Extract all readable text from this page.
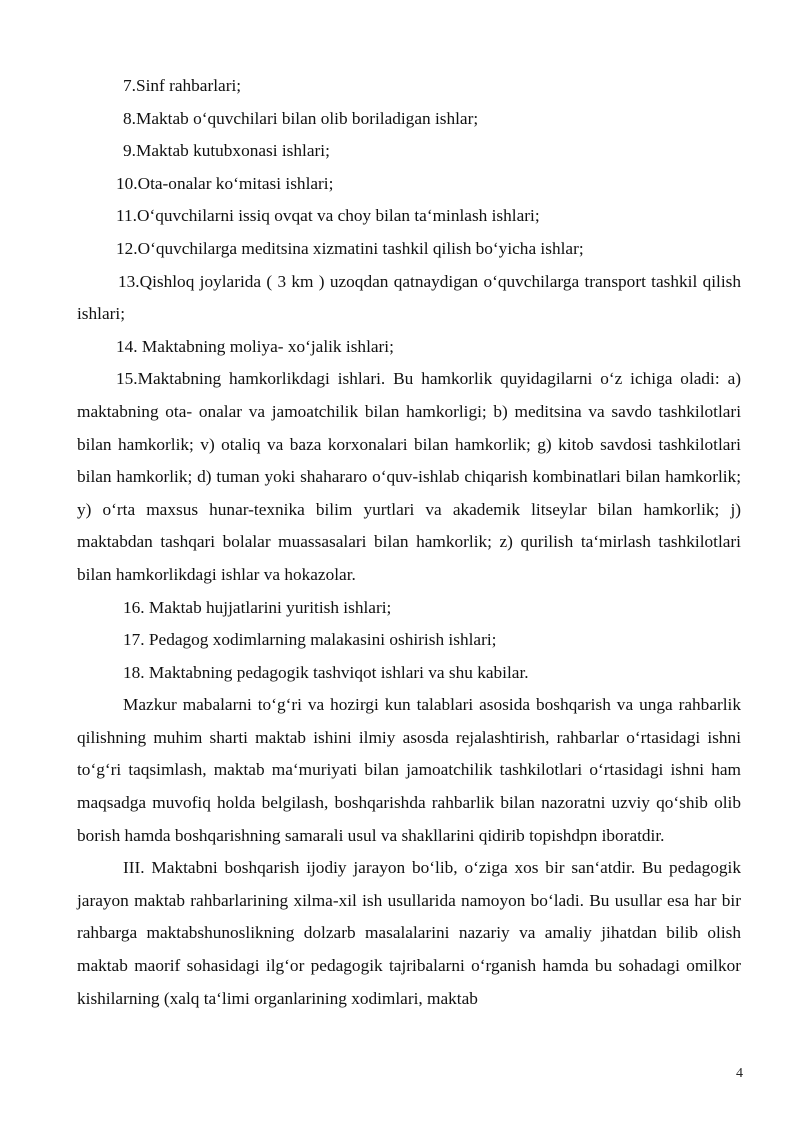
7.Sinf rahbarlari;

8.Maktab o‘quvchilari bilan olib boriladigan ishlar;

9.Maktab kutubxonasi ishlari;

10.Ota-onalar ko‘mitasi ishlari;

11.O‘quvchilarni issiq ovqat va choy bilan ta‘minlash ishlari;

12.O‘quvchilarga meditsina xizmatini tashkil qilish bo‘yicha ishlar;

13.Qishloq joylarida ( 3 km ) uzoqdan qatnaydigan o‘quvchilarga transport tashkil qilish ishlari;

14. Maktabning moliya- xo‘jalik ishlari;

15.Maktabning hamkorlikdagi ishlari. Bu hamkorlik quyidagilarni o‘z ichiga oladi: a) maktabning ota- onalar va jamoatchilik bilan hamkorligi; b) meditsina va savdo tashkilotlari bilan hamkorlik; v) otaliq va baza korxonalari bilan hamkorlik; g) kitob savdosi tashkilotlari bilan hamkorlik; d) tuman yoki shahararo o‘quv-ishlab chiqarish kombinatlari bilan hamkorlik; y) o‘rta maxsus hunar-texnika bilim yurtlari va akademik litseylar bilan hamkorlik; j) maktabdan tashqari bolalar muassasalari bilan hamkorlik; z) qurilish ta‘mirlash tashkilotlari bilan hamkorlikdagi ishlar va hokazolar.

16. Maktab hujjatlarini yuritish ishlari;

17. Pedagog xodimlarning malakasini oshirish ishlari;

18. Maktabning pedagogik tashviqot ishlari va shu kabilar.

Mazkur mabalarni to‘g‘ri va hozirgi kun talablari asosida boshqarish va unga rahbarlik qilishning muhim sharti maktab ishini ilmiy asosda rejalashtirish, rahbarlar o‘rtasidagi ishni to‘g‘ri taqsimlash, maktab ma‘muriyati bilan jamoatchilik tashkilotlari o‘rtasidagi ishni ham maqsadga muvofiq holda belgilash, boshqarishda rahbarlik bilan nazoratni uzviy qo‘shib olib borish hamda boshqarishning samarali usul va shakllarini qidirib topishdpn iboratdir.

III. Maktabni boshqarish ijodiy jarayon bo‘lib, o‘ziga xos bir san‘atdir. Bu pedagogik jarayon maktab rahbarlarining xilma-xil ish usullarida namoyon bo‘ladi. Bu usullar esa har bir rahbarga maktabshunoslikning dolzarb masalalarini nazariy va amaliy jihatdan bilib olish maktab maorif sohasidagi ilg‘or pedagogik tajribalarni o‘rganish hamda bu sohadagi omilkor kishilarning (xalq ta‘limi organlarining xodimlari, maktab

4
